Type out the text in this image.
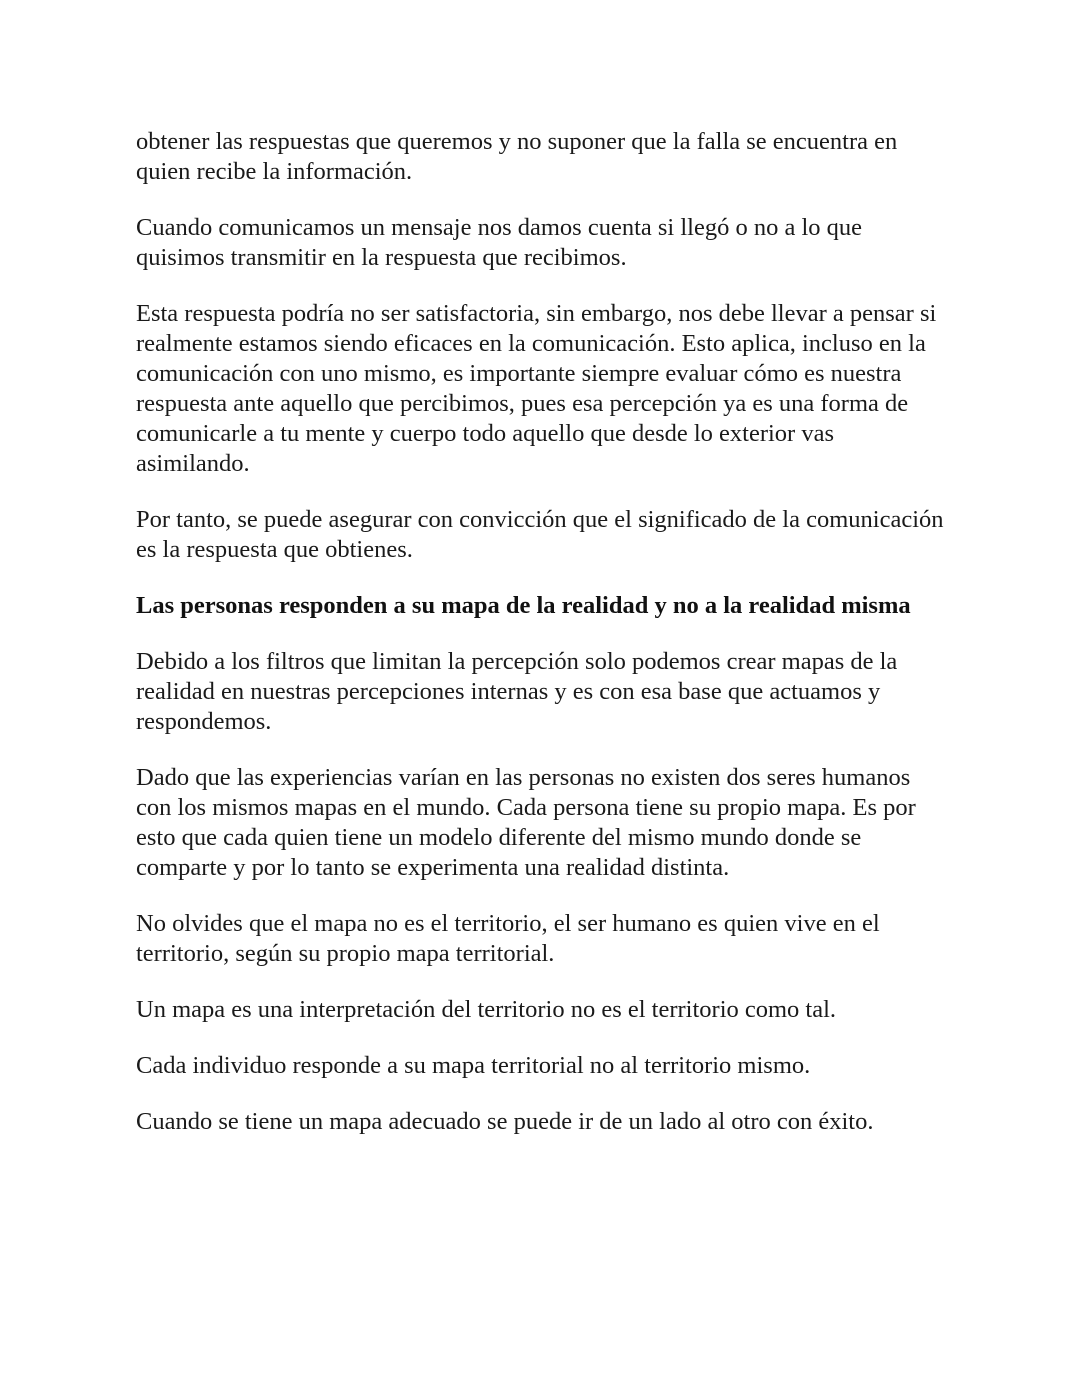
obtener las respuestas que queremos y no suponer que la falla se encuentra en quien recibe la información.

Cuando comunicamos un mensaje nos damos cuenta si llegó o no a lo que quisimos transmitir en la respuesta que recibimos.

Esta respuesta podría no ser satisfactoria, sin embargo, nos debe llevar a pensar si realmente estamos siendo eficaces en la comunicación. Esto aplica, incluso en la comunicación con uno mismo, es importante siempre evaluar cómo es nuestra respuesta ante aquello que percibimos, pues esa percepción ya es una forma de comunicarle a tu mente y cuerpo todo aquello que desde lo exterior vas asimilando.

Por tanto, se puede asegurar con convicción que el significado de la comunicación es la respuesta que obtienes.

Las personas responden a su mapa de la realidad y no a la realidad misma

Debido a los filtros que limitan la percepción solo podemos crear mapas de la realidad en nuestras percepciones internas y es con esa base que actuamos y respondemos.

Dado que las experiencias varían en las personas no existen dos seres humanos con los mismos mapas en el mundo. Cada persona tiene su propio mapa. Es por esto que cada quien tiene un modelo diferente del mismo mundo donde se comparte y por lo tanto se experimenta una realidad distinta.

No olvides que el mapa no es el territorio, el ser humano es quien vive en el territorio, según su propio mapa territorial.

Un mapa es una interpretación del territorio no es el territorio como tal.

Cada individuo responde a su mapa territorial no al territorio mismo.

Cuando se tiene un mapa adecuado se puede ir de un lado al otro con éxito.
